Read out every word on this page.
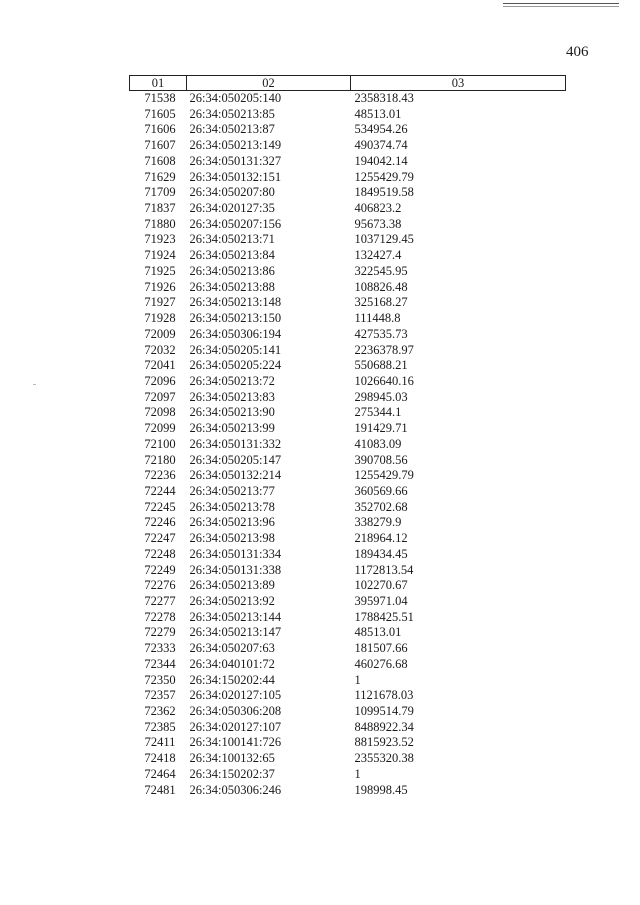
406
01	02	03
71538	26:34:050205:140	2358318.43
71605	26:34:050213:85	48513.01
71606	26:34:050213:87	534954.26
71607	26:34:050213:149	490374.74
71608	26:34:050131:327	194042.14
71629	26:34:050132:151	1255429.79
71709	26:34:050207:80	1849519.58
71837	26:34:020127:35	406823.2
71880	26:34:050207:156	95673.38
71923	26:34:050213:71	1037129.45
71924	26:34:050213:84	132427.4
71925	26:34:050213:86	322545.95
71926	26:34:050213:88	108826.48
71927	26:34:050213:148	325168.27
71928	26:34:050213:150	111448.8
72009	26:34:050306:194	427535.73
72032	26:34:050205:141	2236378.97
72041	26:34:050205:224	550688.21
72096	26:34:050213:72	1026640.16
72097	26:34:050213:83	298945.03
72098	26:34:050213:90	275344.1
72099	26:34:050213:99	191429.71
72100	26:34:050131:332	41083.09
72180	26:34:050205:147	390708.56
72236	26:34:050132:214	1255429.79
72244	26:34:050213:77	360569.66
72245	26:34:050213:78	352702.68
72246	26:34:050213:96	338279.9
72247	26:34:050213:98	218964.12
72248	26:34:050131:334	189434.45
72249	26:34:050131:338	1172813.54
72276	26:34:050213:89	102270.67
72277	26:34:050213:92	395971.04
72278	26:34:050213:144	1788425.51
72279	26:34:050213:147	48513.01
72333	26:34:050207:63	181507.66
72344	26:34:040101:72	460276.68
72350	26:34:150202:44	1
72357	26:34:020127:105	1121678.03
72362	26:34:050306:208	1099514.79
72385	26:34:020127:107	8488922.34
72411	26:34:100141:726	8815923.52
72418	26:34:100132:65	2355320.38
72464	26:34:150202:37	1
72481	26:34:050306:246	198998.45
